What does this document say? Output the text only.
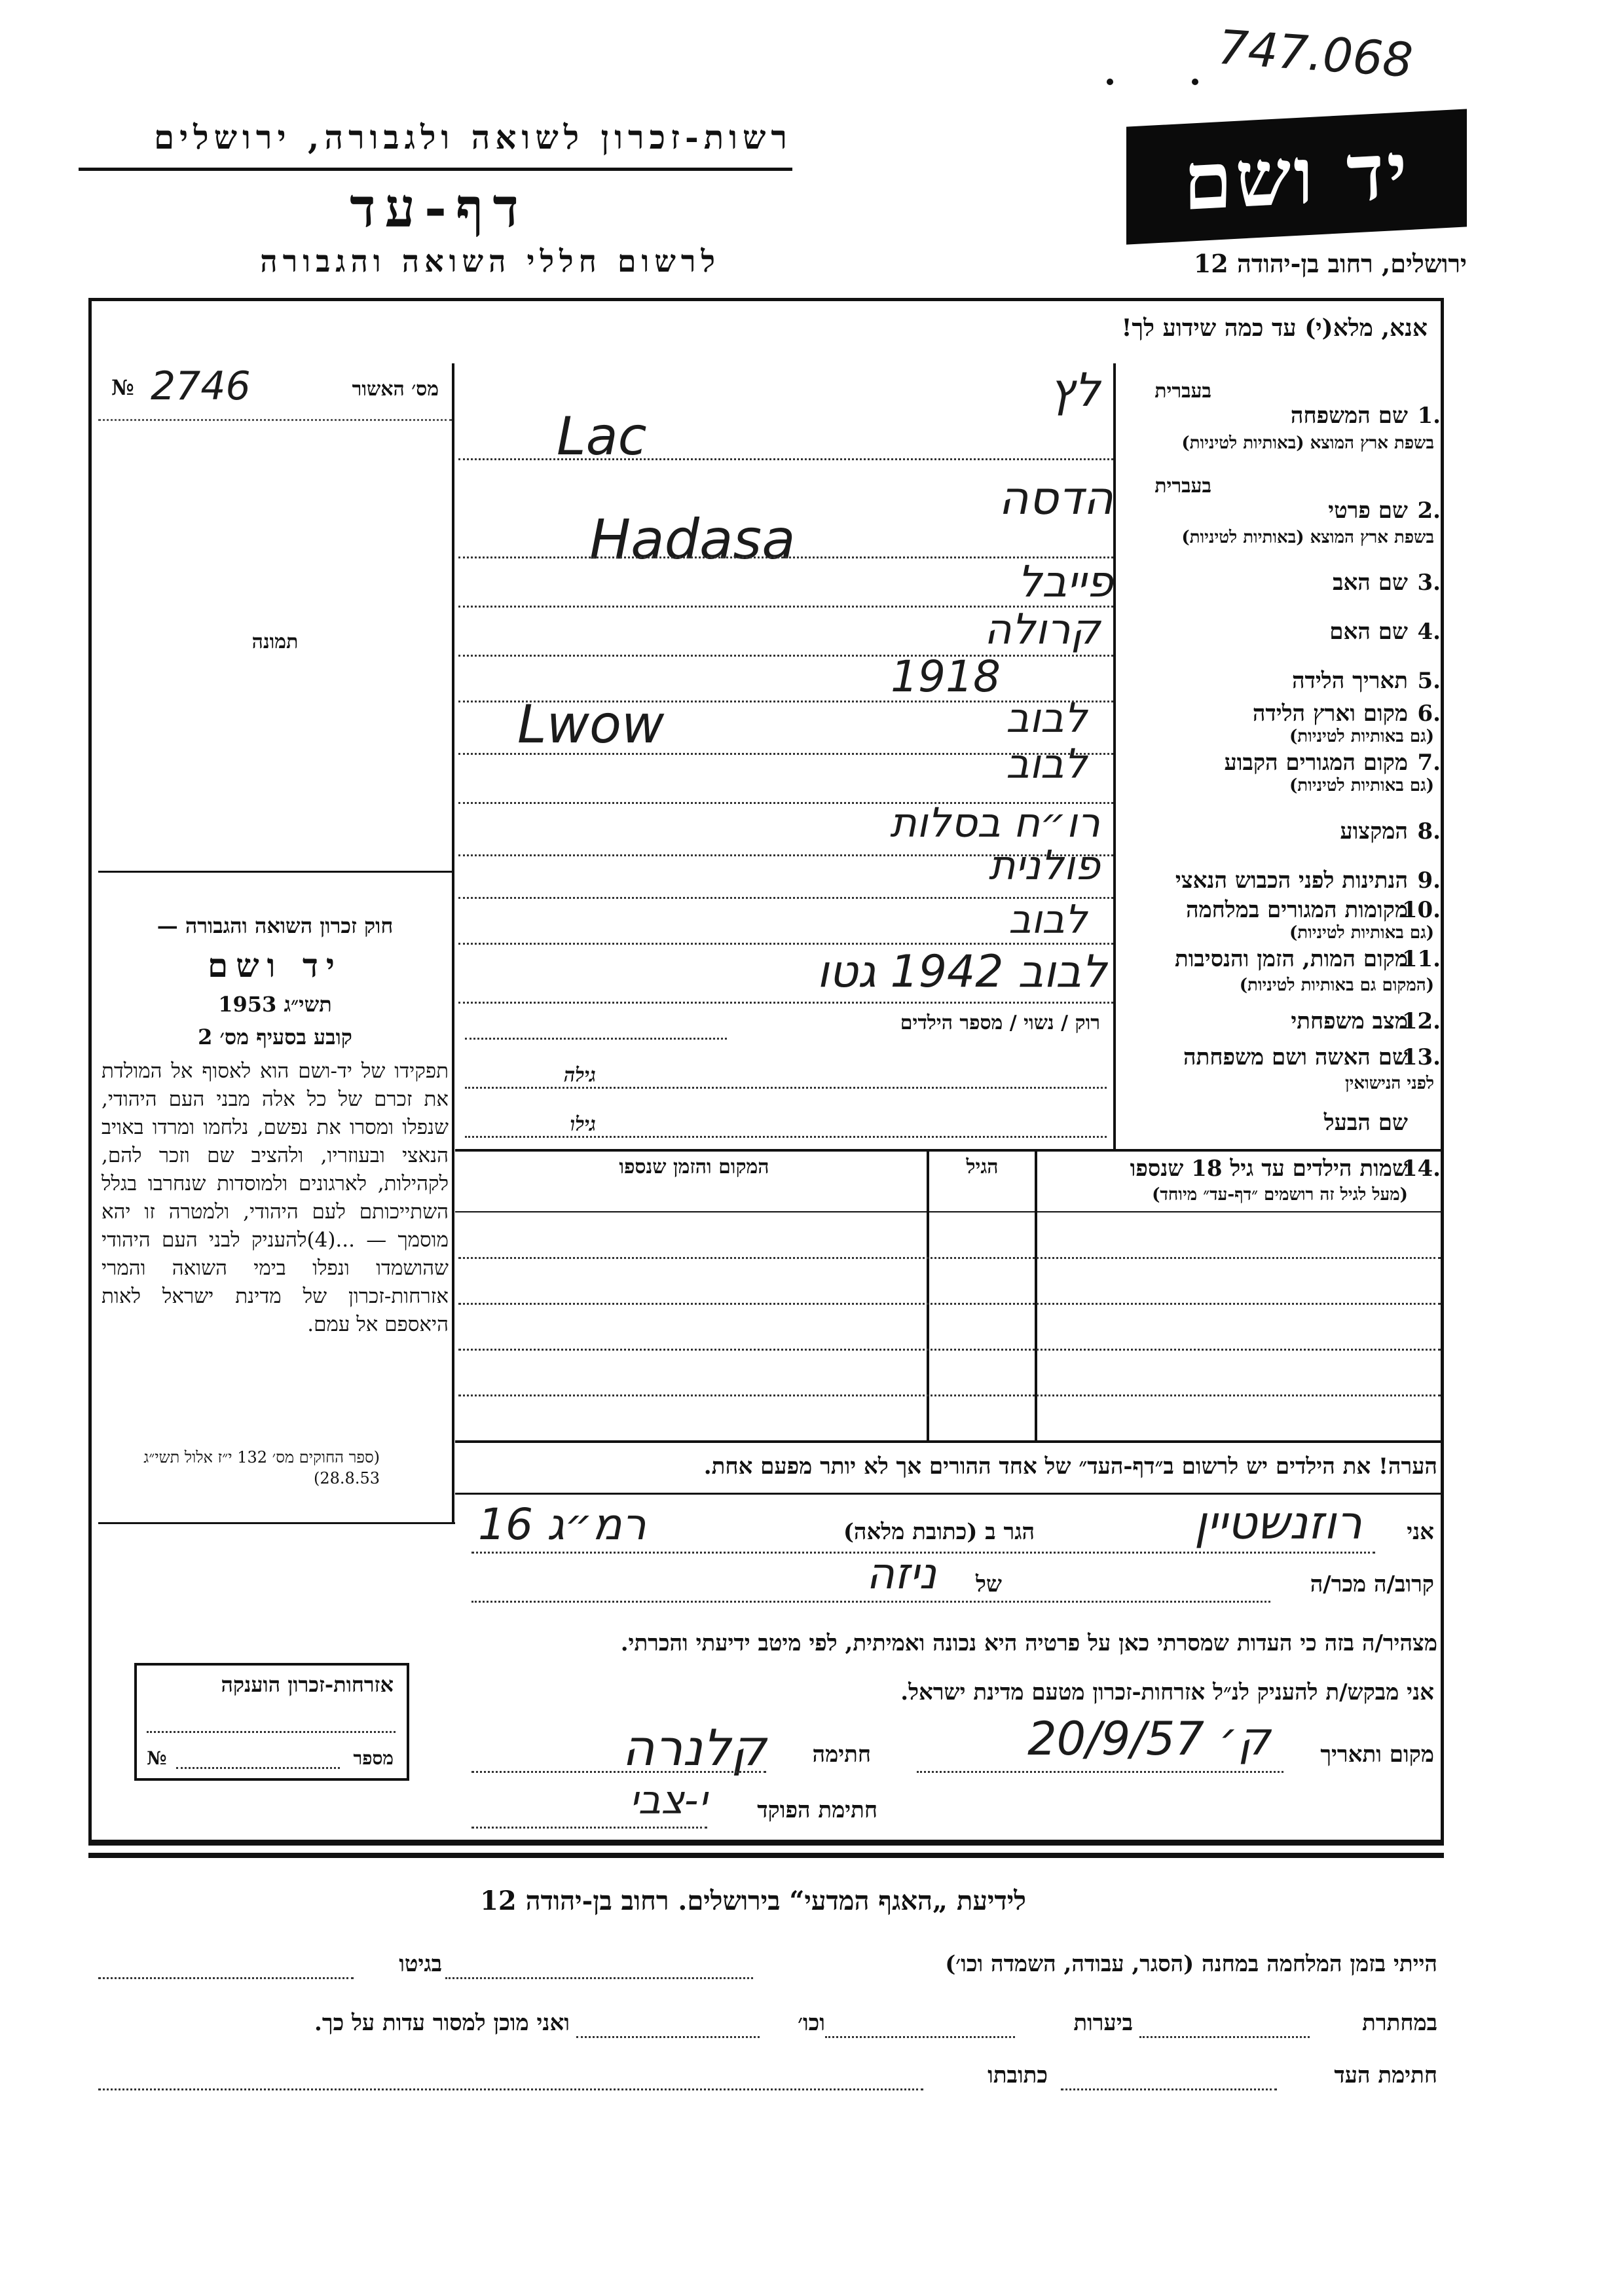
747.068
רשות-זכרון לשואה ולגבורה, ירושלים
דף-עד
לרשום חללי השואה והגבורה
יד ושם
ירושלים, רחוב בן-יהודה 12
אנא, מלא(י) עד כמה שידוע לך!
№ 2746	מס׳ האשור
תמונה
חוק זכרון השואה והגבורה —
יד ושם
תשי״ג 1953
קובע בסעיף מס׳ 2
תפקידו של יד-ושם הוא לאסוף אל המולדת את זכרם של כל אלה מבני העם היהודי, שנפלו ומסרו את נפשם, נלחמו ומרדו באויב הנאצי ובעוזריו, ולהציב שם וזכר להם, לקהילות, לארגונים ולמוסדות שנחרבו בגלל השתייכותם לעם היהודי, ולמטרה זו יהא מוסמך — ...(4)להעניק לבני העם היהודי שהושמדו ונפלו בימי השואה והמרי אזרחות-זכרון של מדינת ישראל לאות היאספם אל עמם.
(ספר החוקים מס׳ 132 י״ז אלול תשי״ג 28.8.53)
1.
שם המשפחה
בעברית
בשפת ארץ המוצא (באותיות לטיניות)
לץ
Lac
2.
שם פרטי
בעברית
בשפת ארץ המוצא (באותיות לטיניות)
הדסה
Hadasa
3.
שם האב
פייבל
4.
שם האם
קרולה
5.
תאריך הלידה
1918
6.
מקום וארץ הלידה
(גם באותיות לטיניות)
לבוב
Lwow
7.
מקום המגורים הקבוע
(גם באותיות לטיניות)
לבוב
8.
המקצוע
רו״ח בסלות
9.
הנתינות לפני הכבוש הנאצי
פולנית
10.
מקומות המגורים במלחמה
(גם באותיות לטיניות)
לבוב
11.
מקום המות, הזמן והנסיבות
(המקום גם באותיות לטיניות)
לבוב 1942 גטו
12.
מצב משפחתי
רוק / נשוי / מספר הילדים
13.
שם האשה ושם משפחתה
לפני הנישואין
גילה
שם הבעל
גילו
14.
שמות הילדים עד גיל 18 שנספו
(מעל לגיל זה רושמים ״דף-עד״ מיוחד)
הגיל
המקום והזמן שנספו
הערה! את הילדים יש לרשום ב״דף-העד״ של אחד ההורים אך לא יותר מפעם אחת.
אני
רוזנשטיין
הגר ב (כתובת מלאה)
16 רמ״ג
קרוב/ה מכר/ה
של
ניזה
מצהיר/ה בזה כי העדות שמסרתי כאן על פרטיה היא נכונה ואמיתית, לפי מיטב ידיעתי והכרתי.
אני מבקש/ת להעניק לנ״ל אזרחות-זכרון מטעם מדינת ישראל.
מקום ותאריך
ק׳ 20/9/57
חתימה
קלנרה
חתימת הפוקד
י-צבי
אזרחות-זכרון הוענקה
מספר
№
לידיעת „האגף המדעי“ בירושלים. רחוב בן-יהודה 12
הייתי בזמן המלחמה במחנה (הסגר, עבודה, השמדה וכו׳)
בגיטו
במחתרת
ביערות
וכו׳
ואני מוכן למסור עדות על כך.
חתימת העד
כתובתו
